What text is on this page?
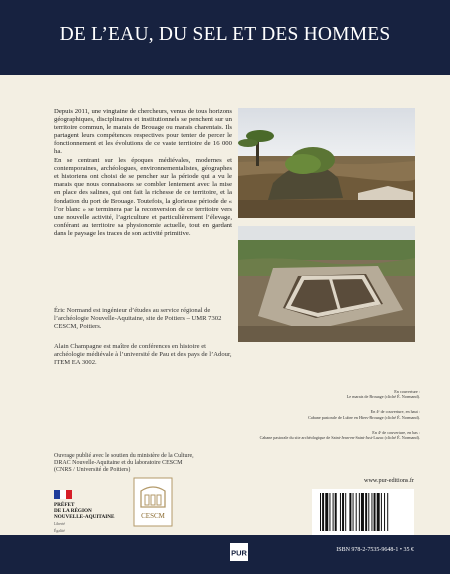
DE L’EAU, DU SEL ET DES HOMMES

Depuis 2011, une vingtaine de chercheurs, venus de tous horizons géographiques, disciplinaires et institutionnels se penchent sur un territoire commun, le marais de Brouage ou marais charentais. Ils partagent leurs compétences respectives pour tenter de percer le fonctionnement et les évolutions de ce vaste territoire de 16 000 ha.

En se centrant sur les époques médiévales, modernes et contemporaines, archéologues, environnementalistes, géographes et historiens ont choisi de se pencher sur la période qui a vu le marais que nous connaissons se combler lentement avec la mise en place des salines, qui ont fait la richesse de ce territoire, et la fondation du port de Brouage. Toutefois, la glorieuse période de « l’or blanc » se terminera par la reconversion de ce territoire vers une nouvelle activité, l’agriculture et particulièrement l’élevage, conférant au territoire sa physionomie actuelle, tout en gardant dans le paysage les traces de son activité primitive.

Éric Normand est ingénieur d’études au service régional de l’archéologie Nouvelle-Aquitaine, site de Poitiers – UMR 7302 CESCM, Poitiers.

Alain Champagne est maître de conférences en histoire et archéologie médiévale à l’université de Pau et des pays de l’Adour, ITEM EA 3002.

En couverture :
Le marais de Brouage (cliché É. Normand).
En 4ᵉ de couverture, en haut :
Cabane pastorale de Lubre en Hiers-Brouage (cliché É. Normand).
En 4ᵉ de couverture, en bas :
Cabane pastorale du site archéologique de Saint-Jean-en-Saint-Just-Luzac (cliché É. Normand).
Ouvrage publié avec le soutien du ministère de la Culture,
DRAC Nouvelle-Aquitaine et du laboratoire CESCM
(CNRS / Université de Poitiers)
PRÉFET
DE LA RÉGION
NOUVELLE-AQUITAINE
Liberté
Égalité
CESCM
www.pur-editions.fr
PUR	ISBN 978-2-7535-9648-1 • 35 €
